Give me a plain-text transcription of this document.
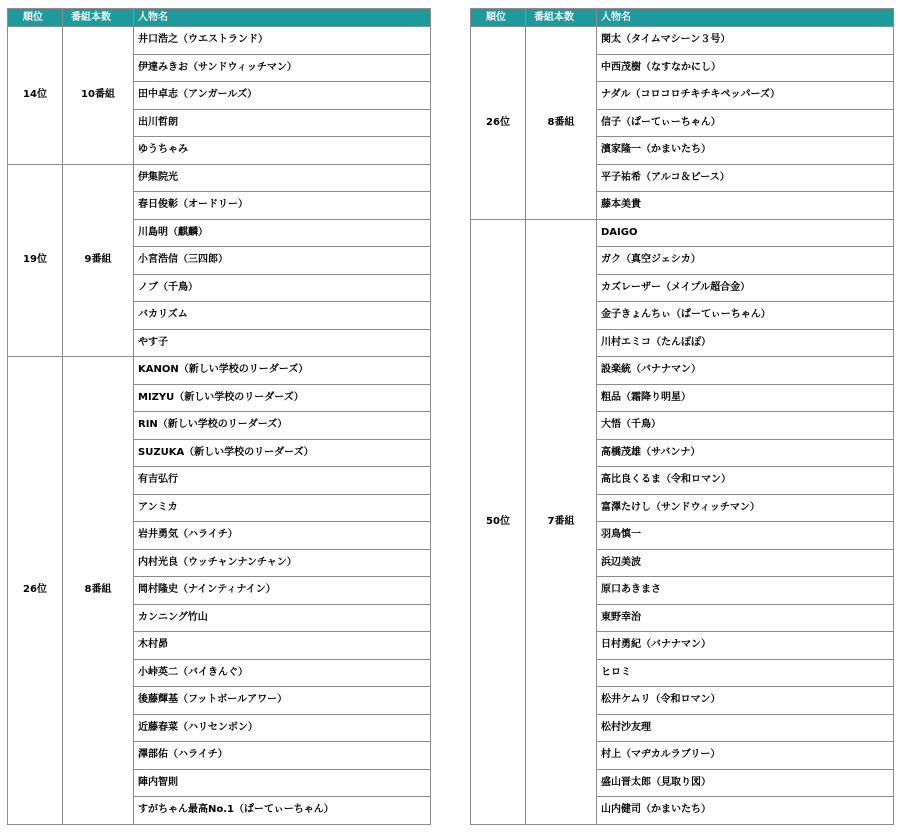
順位	番組本数	人物名
14位	10番組	井口浩之（ウエストランド）
		伊達みきお（サンドウィッチマン）
		田中卓志（アンガールズ）
		出川哲朗
		ゆうちゃみ
19位	9番組	伊集院光
		春日俊彰（オードリー）
		川島明（麒麟）
		小宮浩信（三四郎）
		ノブ（千鳥）
		バカリズム
		やす子
26位	8番組	KANON（新しい学校のリーダーズ）
		MIZYU（新しい学校のリーダーズ）
		RIN（新しい学校のリーダーズ）
		SUZUKA（新しい学校のリーダーズ）
		有吉弘行
		アンミカ
		岩井勇気（ハライチ）
		内村光良（ウッチャンナンチャン）
		岡村隆史（ナインティナイン）
		カンニング竹山
		木村昴
		小峠英二（バイきんぐ）
		後藤輝基（フットボールアワー）
		近藤春菜（ハリセンボン）
		澤部佑（ハライチ）
		陣内智則
		すがちゃん最高No.1（ぱーてぃーちゃん）
順位	番組本数	人物名
26位	8番組	関太（タイムマシーン３号）
		中西茂樹（なすなかにし）
		ナダル（コロコロチキチキペッパーズ）
		信子（ぱーてぃーちゃん）
		濱家隆一（かまいたち）
		平子祐希（アルコ＆ピース）
		藤本美貴
50位	7番組	DAIGO
		ガク（真空ジェシカ）
		カズレーザー（メイプル超合金）
		金子きょんちぃ（ぱーてぃーちゃん）
		川村エミコ（たんぽぽ）
		設楽統（バナナマン）
		粗品（霜降り明星）
		大悟（千鳥）
		高橋茂雄（サバンナ）
		高比良くるま（令和ロマン）
		富澤たけし（サンドウィッチマン）
		羽鳥慎一
		浜辺美波
		原口あきまさ
		東野幸治
		日村勇紀（バナナマン）
		ヒロミ
		松井ケムリ（令和ロマン）
		松村沙友理
		村上（マヂカルラブリー）
		盛山晋太郎（見取り図）
		山内健司（かまいたち）
